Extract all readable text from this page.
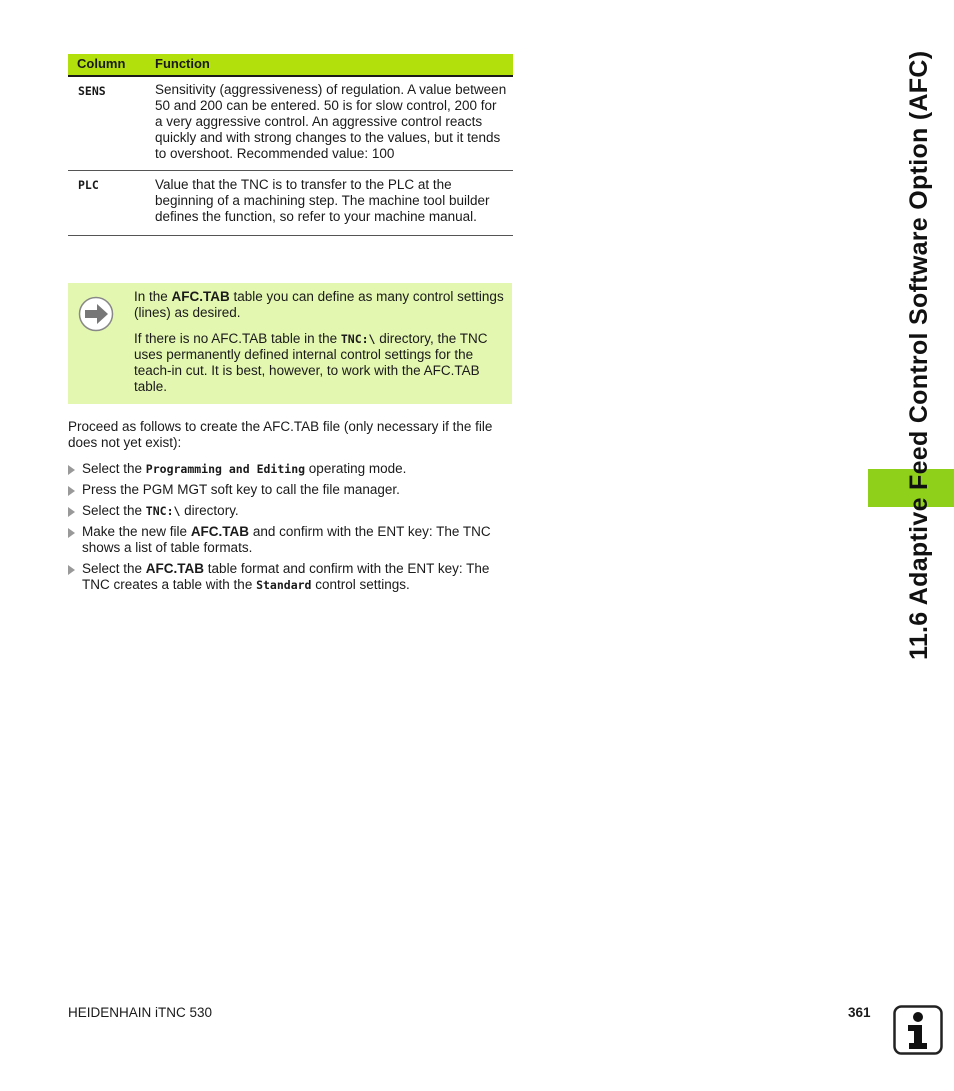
Column Function
SENS	Sensitivity (aggressiveness) of regulation. A value between 50 and 200 can be entered. 50 is for slow control, 200 for a very aggressive control. An aggressive control reacts quickly and with strong changes to the values, but it tends to overshoot. Recommended value: 100
PLC	Value that the TNC is to transfer to the PLC at the beginning of a machining step. The machine tool builder defines the function, so refer to your machine manual.

In the AFC.TAB table you can define as many control settings (lines) as desired.

If there is no AFC.TAB table in the TNC:\ directory, the TNC uses permanently defined internal control settings for the teach-in cut. It is best, however, to work with the AFC.TAB table.

Proceed as follows to create the AFC.TAB file (only necessary if the file does not yet exist):
Select the Programming and Editing operating mode.
Press the PGM MGT soft key to call the file manager.
Select the TNC:\ directory.
Make the new file AFC.TAB and confirm with the ENT key: The TNC shows a list of table formats.
Select the AFC.TAB table format and confirm with the ENT key: The TNC creates a table with the Standard control settings.	11.6 Adaptive Feed Control Software Option (AFC)
HEIDENHAIN iTNC 530	361
